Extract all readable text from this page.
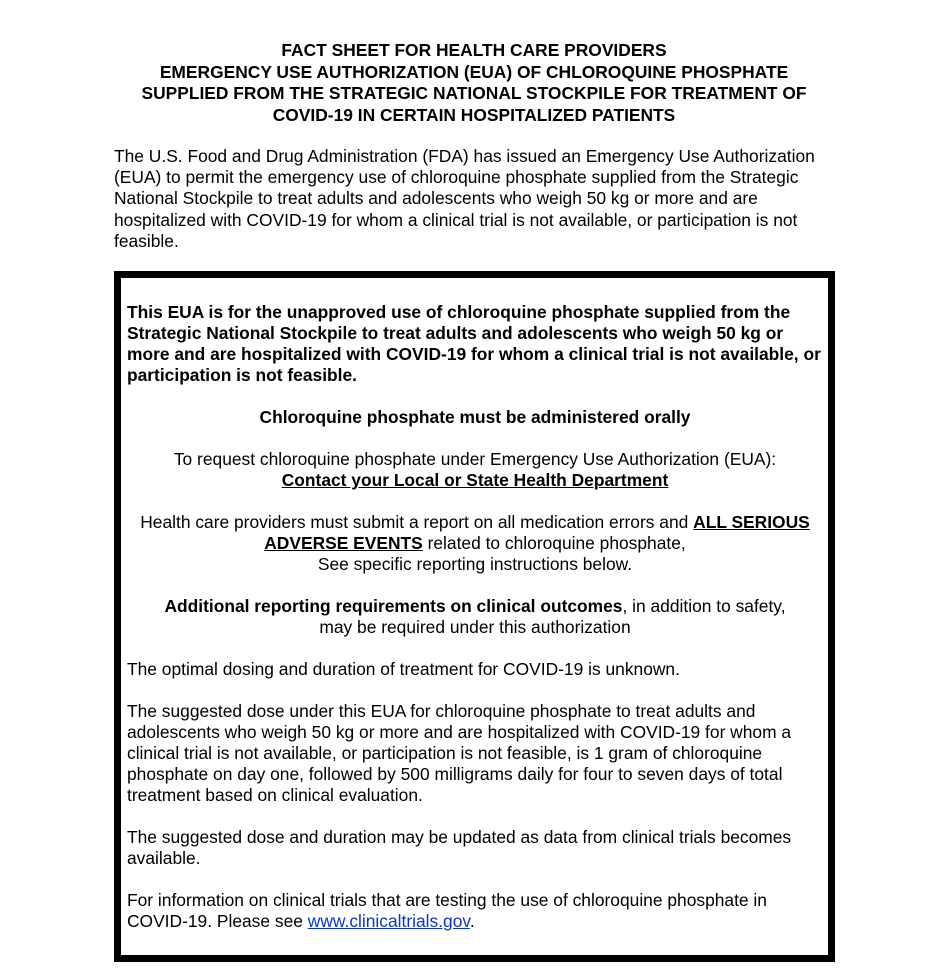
FACT SHEET FOR HEALTH CARE PROVIDERS
EMERGENCY USE AUTHORIZATION (EUA) OF CHLOROQUINE PHOSPHATE
SUPPLIED FROM THE STRATEGIC NATIONAL STOCKPILE FOR TREATMENT OF
COVID-19 IN CERTAIN HOSPITALIZED PATIENTS
The U.S. Food and Drug Administration (FDA) has issued an Emergency Use Authorization (EUA) to permit the emergency use of chloroquine phosphate supplied from the Strategic National Stockpile to treat adults and adolescents who weigh 50 kg or more and are hospitalized with COVID-19 for whom a clinical trial is not available, or participation is not feasible.

This EUA is for the unapproved use of chloroquine phosphate supplied from the Strategic National Stockpile to treat adults and adolescents who weigh 50 kg or more and are hospitalized with COVID-19 for whom a clinical trial is not available, or participation is not feasible.

Chloroquine phosphate must be administered orally

To request chloroquine phosphate under Emergency Use Authorization (EUA):
Contact your Local or State Health Department

Health care providers must submit a report on all medication errors and ALL SERIOUS ADVERSE EVENTS related to chloroquine phosphate,
See specific reporting instructions below.

Additional reporting requirements on clinical outcomes, in addition to safety,
may be required under this authorization

The optimal dosing and duration of treatment for COVID-19 is unknown.

The suggested dose under this EUA for chloroquine phosphate to treat adults and adolescents who weigh 50 kg or more and are hospitalized with COVID-19 for whom a clinical trial is not available, or participation is not feasible, is 1 gram of chloroquine phosphate on day one, followed by 500 milligrams daily for four to seven days of total treatment based on clinical evaluation.

The suggested dose and duration may be updated as data from clinical trials becomes available.

For information on clinical trials that are testing the use of chloroquine phosphate in COVID-19. Please see www.clinicaltrials.gov.
